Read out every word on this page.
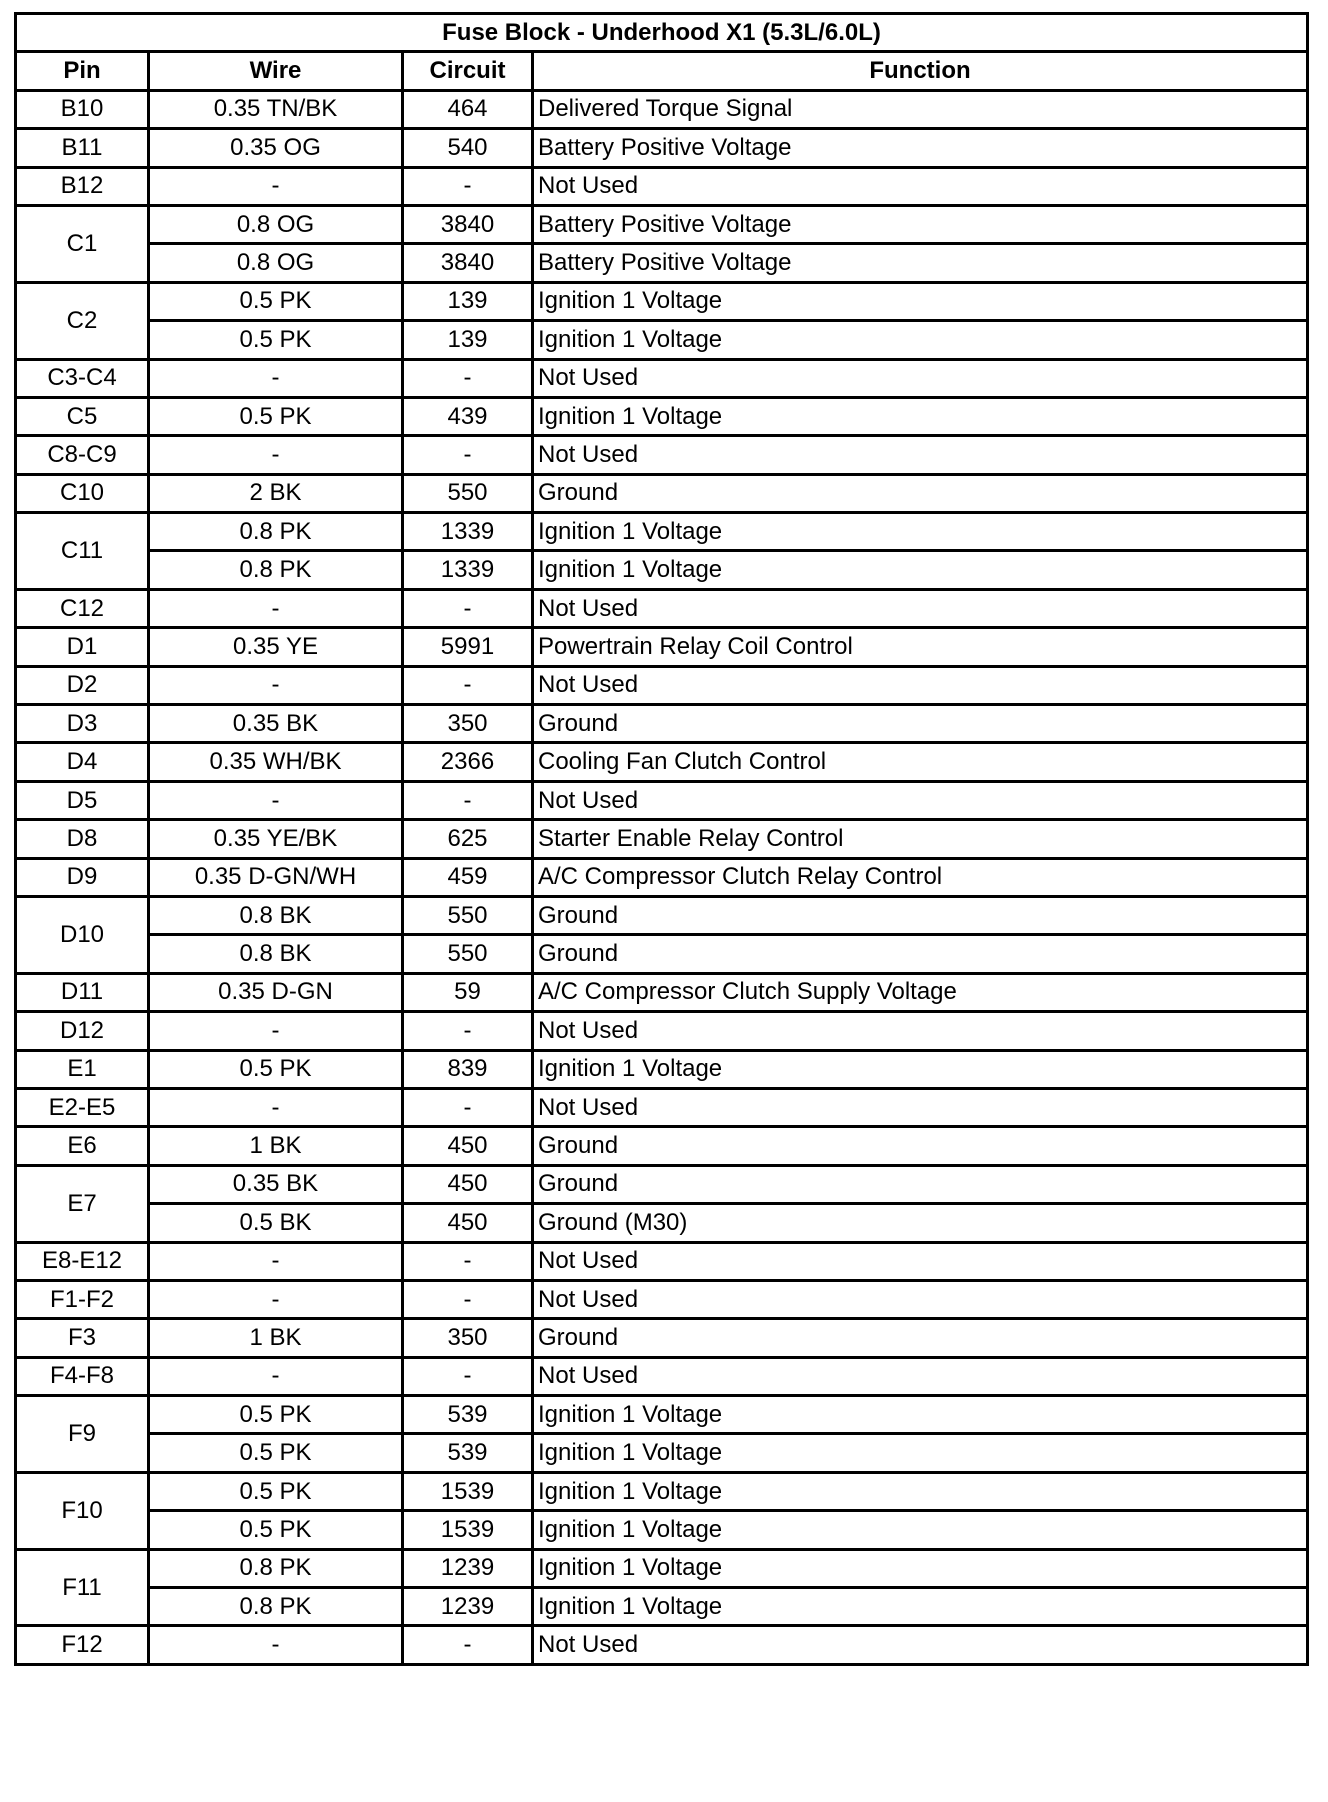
Fuse Block - Underhood X1 (5.3L/6.0L)			
Pin	Wire	Circuit	Function
B10	0.35 TN/BK	464	Delivered Torque Signal
B11	0.35 OG	540	Battery Positive Voltage
B12	-	-	Not Used
C1	0.8 OG	3840	Battery Positive Voltage
	0.8 OG	3840	Battery Positive Voltage
C2	0.5 PK	139	Ignition 1 Voltage
	0.5 PK	139	Ignition 1 Voltage
C3-C4	-	-	Not Used
C5	0.5 PK	439	Ignition 1 Voltage
C8-C9	-	-	Not Used
C10	2 BK	550	Ground
C11	0.8 PK	1339	Ignition 1 Voltage
	0.8 PK	1339	Ignition 1 Voltage
C12	-	-	Not Used
D1	0.35 YE	5991	Powertrain Relay Coil Control
D2	-	-	Not Used
D3	0.35 BK	350	Ground
D4	0.35 WH/BK	2366	Cooling Fan Clutch Control
D5	-	-	Not Used
D8	0.35 YE/BK	625	Starter Enable Relay Control
D9	0.35 D-GN/WH	459	A/C Compressor Clutch Relay Control
D10	0.8 BK	550	Ground
	0.8 BK	550	Ground
D11	0.35 D-GN	59	A/C Compressor Clutch Supply Voltage
D12	-	-	Not Used
E1	0.5 PK	839	Ignition 1 Voltage
E2-E5	-	-	Not Used
E6	1 BK	450	Ground
E7	0.35 BK	450	Ground
	0.5 BK	450	Ground (M30)
E8-E12	-	-	Not Used
F1-F2	-	-	Not Used
F3	1 BK	350	Ground
F4-F8	-	-	Not Used
F9	0.5 PK	539	Ignition 1 Voltage
	0.5 PK	539	Ignition 1 Voltage
F10	0.5 PK	1539	Ignition 1 Voltage
	0.5 PK	1539	Ignition 1 Voltage
F11	0.8 PK	1239	Ignition 1 Voltage
	0.8 PK	1239	Ignition 1 Voltage
F12	-	-	Not Used
